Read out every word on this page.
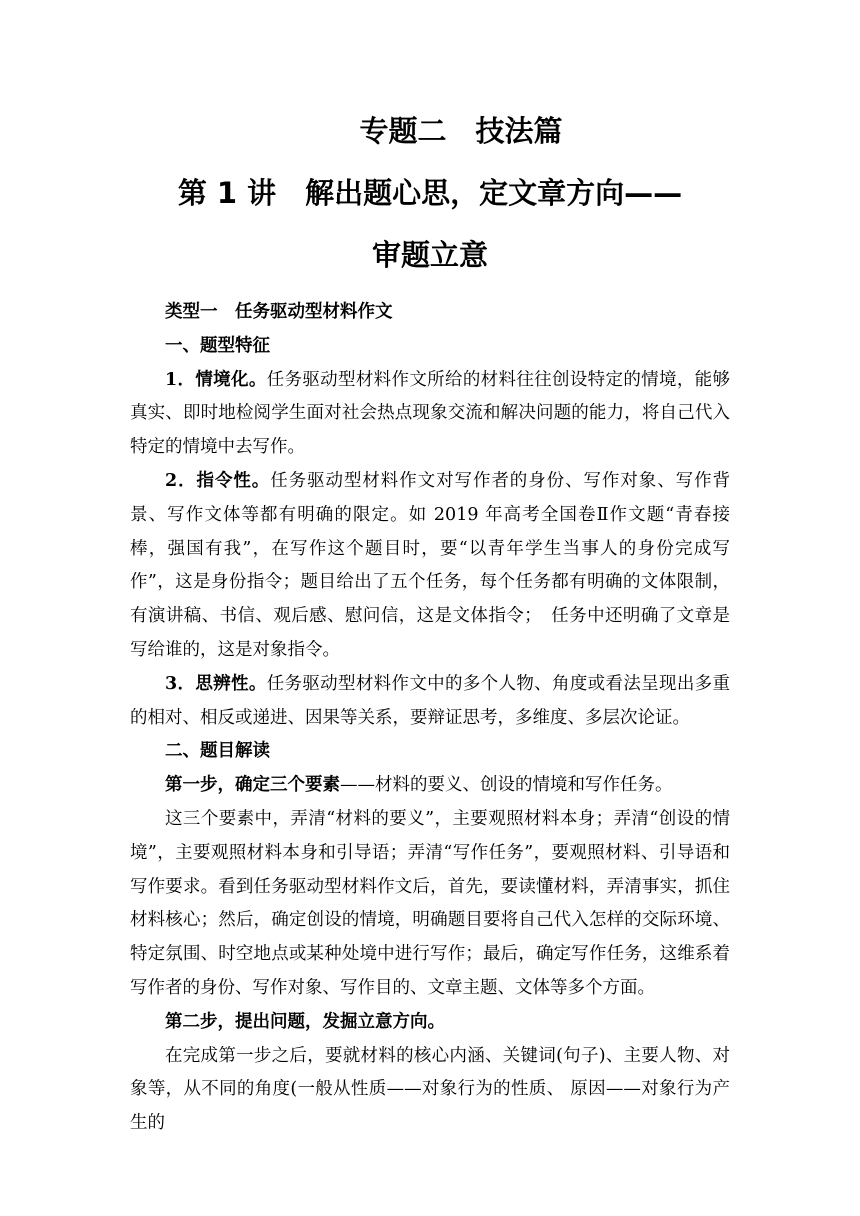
专题二　技法篇

第 1 讲　解出题心思，定文章方向——

审题立意

类型一　任务驱动型材料作文

一、题型特征

1．情境化。任务驱动型材料作文所给的材料往往创设特定的情境，能够真实、即时地检阅学生面对社会热点现象交流和解决问题的能力，将自己代入特定的情境中去写作。

2．指令性。任务驱动型材料作文对写作者的身份、写作对象、写作背景、写作文体等都有明确的限定。如 2019 年高考全国卷Ⅱ作文题“青春接棒，强国有我”，在写作这个题目时，要“以青年学生当事人的身份完成写作”，这是身份指令；题目给出了五个任务，每个任务都有明确的文体限制，有演讲稿、书信、观后感、慰问信，这是文体指令；　任务中还明确了文章是写给谁的，这是对象指令。

3．思辨性。任务驱动型材料作文中的多个人物、角度或看法呈现出多重的相对、相反或递进、因果等关系，要辩证思考，多维度、多层次论证。

二、题目解读

第一步，确定三个要素——材料的要义、创设的情境和写作任务。

这三个要素中，弄清“材料的要义”，主要观照材料本身；弄清“创设的情境”，主要观照材料本身和引导语；弄清“写作任务”，要观照材料、引导语和写作要求。看到任务驱动型材料作文后，首先，要读懂材料，弄清事实，抓住材料核心；然后，确定创设的情境，明确题目要将自己代入怎样的交际环境、特定氛围、时空地点或某种处境中进行写作；最后，确定写作任务，这维系着写作者的身份、写作对象、写作目的、文章主题、文体等多个方面。

第二步，提出问题，发掘立意方向。

在完成第一步之后，要就材料的核心内涵、关键词(句子)、主要人物、对象等，从不同的角度(一般从性质——对象行为的性质、 原因——对象行为产生的
